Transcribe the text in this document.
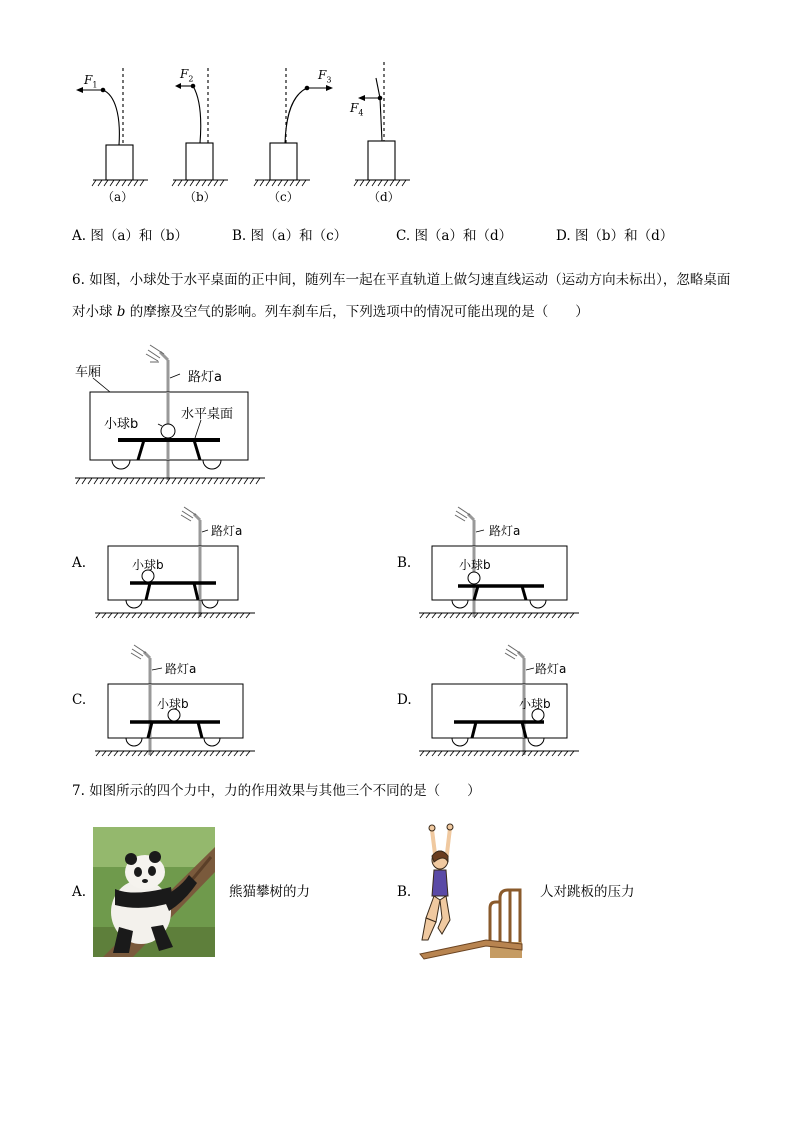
$F_1$
$F_2$	$F_3$
$F_4$
（a）	（b）	（c）	（d）
A. 图（a）和（b）	B. 图（a）和（c）	C. 图（a）和（d）	D. 图（b）和（d）
6. 如图，小球处于水平桌面的正中间，随列车一起在平直轨道上做匀速直线运动（运动方向未标出），忽略桌面对小球 b 的摩擦及空气的影响。列车刹车后，下列选项中的情况可能出现的是（　　）
车厢	路灯a
小球b
水平桌面
A.
路灯a
小球b	B.
路灯a
小球b
C.
路灯a
小球b	D.
路灯a
小球b
7. 如图所示的四个力中，力的作用效果与其他三个不同的是（　　）
A.	熊猫攀树的力	B.	人对跳板的压力
